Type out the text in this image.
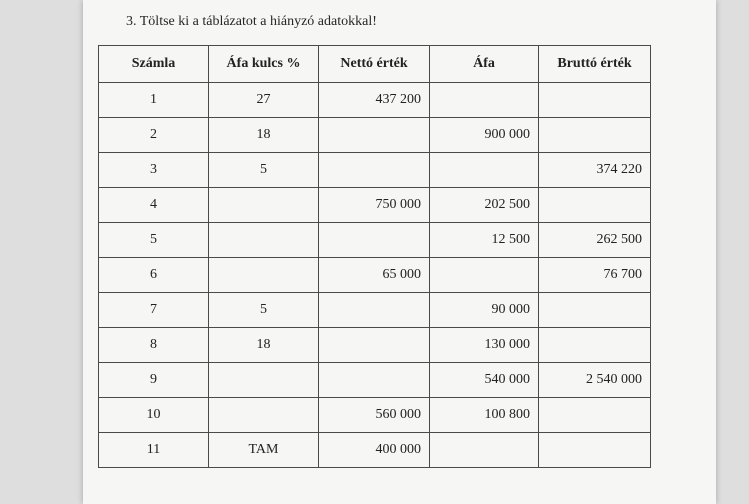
3. Töltse ki a táblázatot a hiányzó adatokkal!
Számla	Áfa kulcs %	Nettó érték	Áfa	Bruttó érték
1	27	437 200		
2	18		900 000	
3	5			374 220
4		750 000	202 500	
5			12 500	262 500
6		65 000		76 700
7	5		90 000	
8	18		130 000	
9			540 000	2 540 000
10		560 000	100 800	
11	TAM	400 000		
